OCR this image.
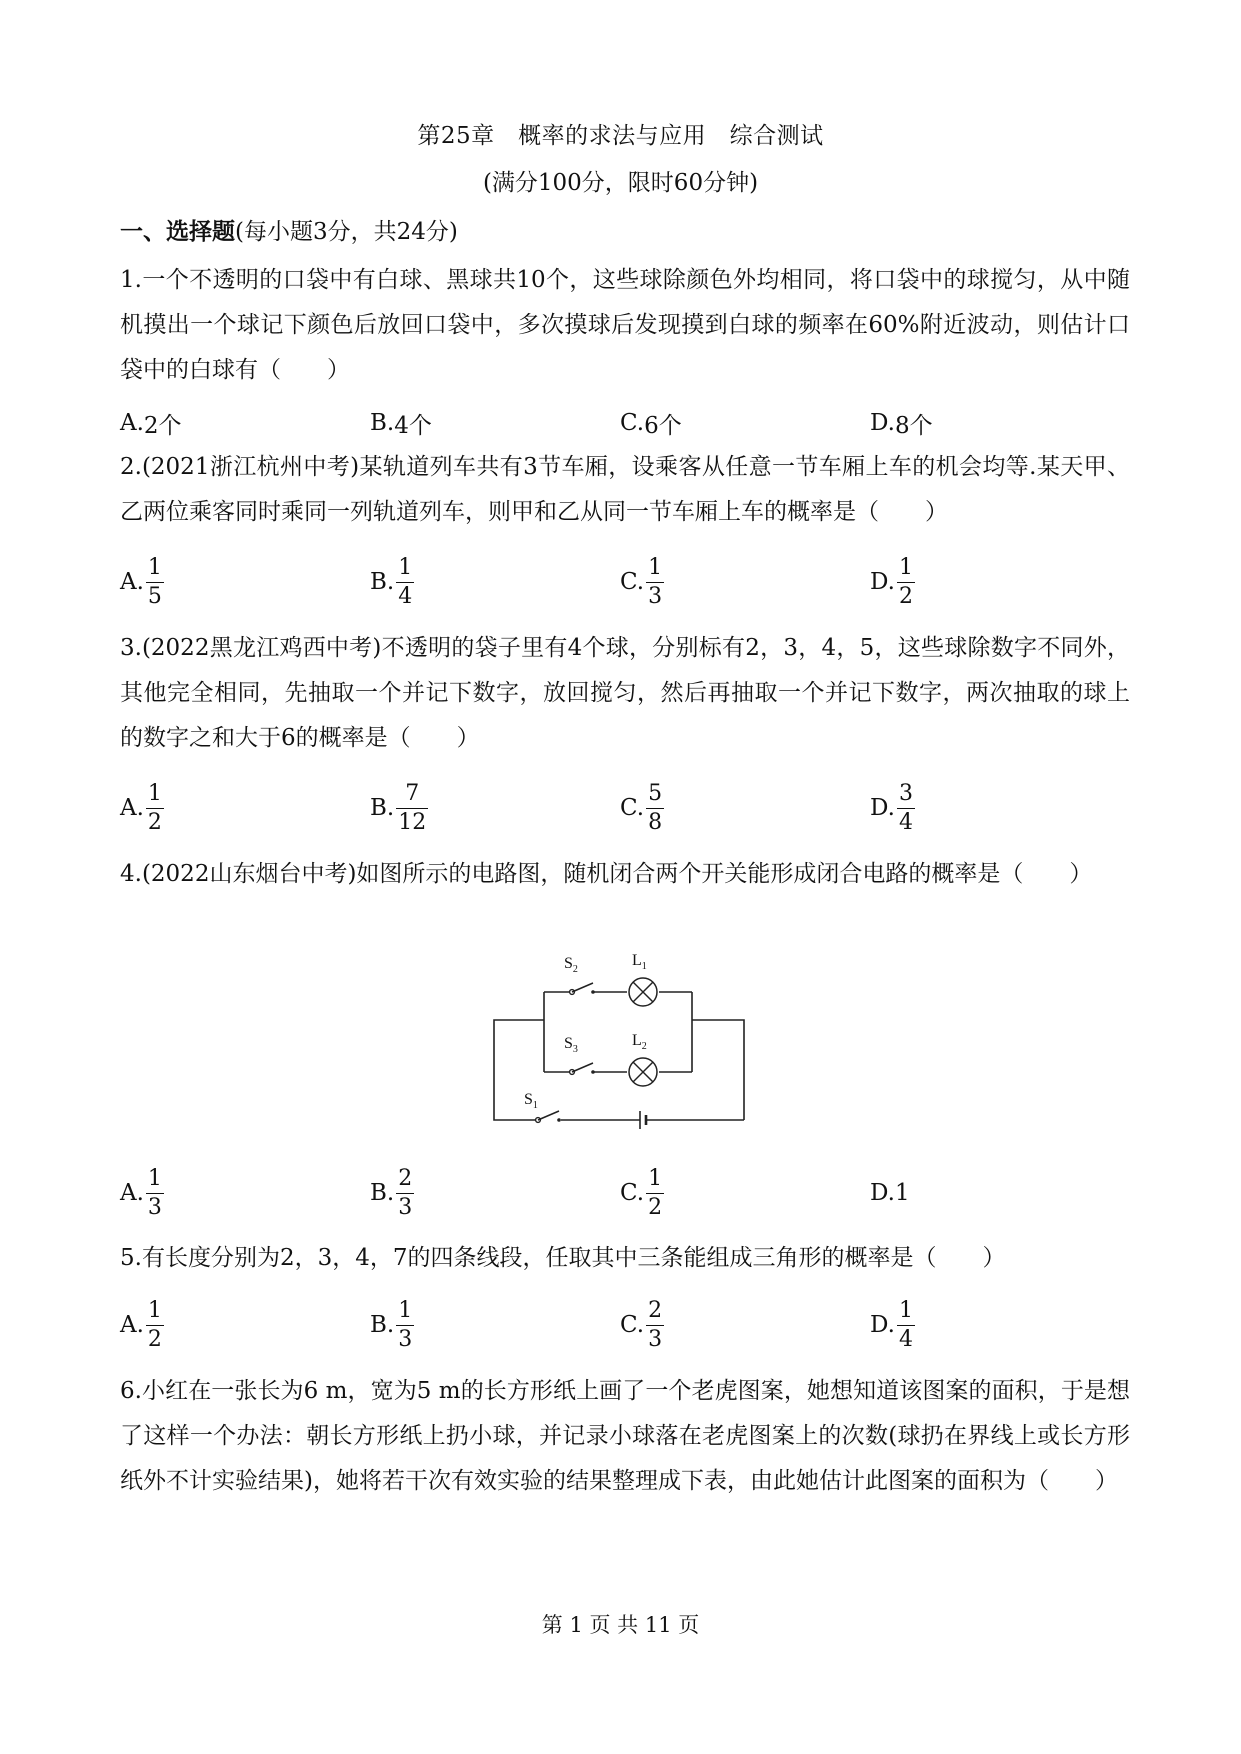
第25章　概率的求法与应用　综合测试
(满分100分，限时60分钟)
一、选择题(每小题3分，共24分)
1.一个不透明的口袋中有白球、黑球共10个，这些球除颜色外均相同，将口袋中的球搅匀，从中随机摸出一个球记下颜色后放回口袋中，多次摸球后发现摸到白球的频率在60%附近波动，则估计口袋中的白球有（　　）
A. 2个	B. 4个	C. 6个	D. 8个
2.(2021浙江杭州中考)某轨道列车共有3节车厢，设乘客从任意一节车厢上车的机会均等.某天甲、乙两位乘客同时乘同一列轨道列车，则甲和乙从同一节车厢上车的概率是（　　）
A. $\frac{1}{5}$	B. $\frac{1}{4}$	C. $\frac{1}{3}$	D. $\frac{1}{2}$
3.(2022黑龙江鸡西中考)不透明的袋子里有4个球，分别标有2，3，4，5，这些球除数字不同外，其他完全相同，先抽取一个并记下数字，放回搅匀，然后再抽取一个并记下数字，两次抽取的球上的数字之和大于6的概率是（　　）
A. $\frac{1}{2}$	B. $\frac{7}{12}$	C. $\frac{5}{8}$	D. $\frac{3}{4}$
4.(2022山东烟台中考)如图所示的电路图，随机闭合两个开关能形成闭合电路的概率是（　　）
$S_2$
$L_1$
$S_3$
$L_2$
$S_1$
A. $\frac{1}{3}$	B. $\frac{2}{3}$	C. $\frac{1}{2}$	D. 1
5.有长度分别为2，3，4，7的四条线段，任取其中三条能组成三角形的概率是（　　）
A. $\frac{1}{2}$	B. $\frac{1}{3}$	C. $\frac{2}{3}$	D. $\frac{1}{4}$
6.小红在一张长为6 m，宽为5 m的长方形纸上画了一个老虎图案，她想知道该图案的面积，于是想了这样一个办法：朝长方形纸上扔小球，并记录小球落在老虎图案上的次数(球扔在界线上或长方形纸外不计实验结果)，她将若干次有效实验的结果整理成下表，由此她估计此图案的面积为（　　）
第 1 页 共 11 页
